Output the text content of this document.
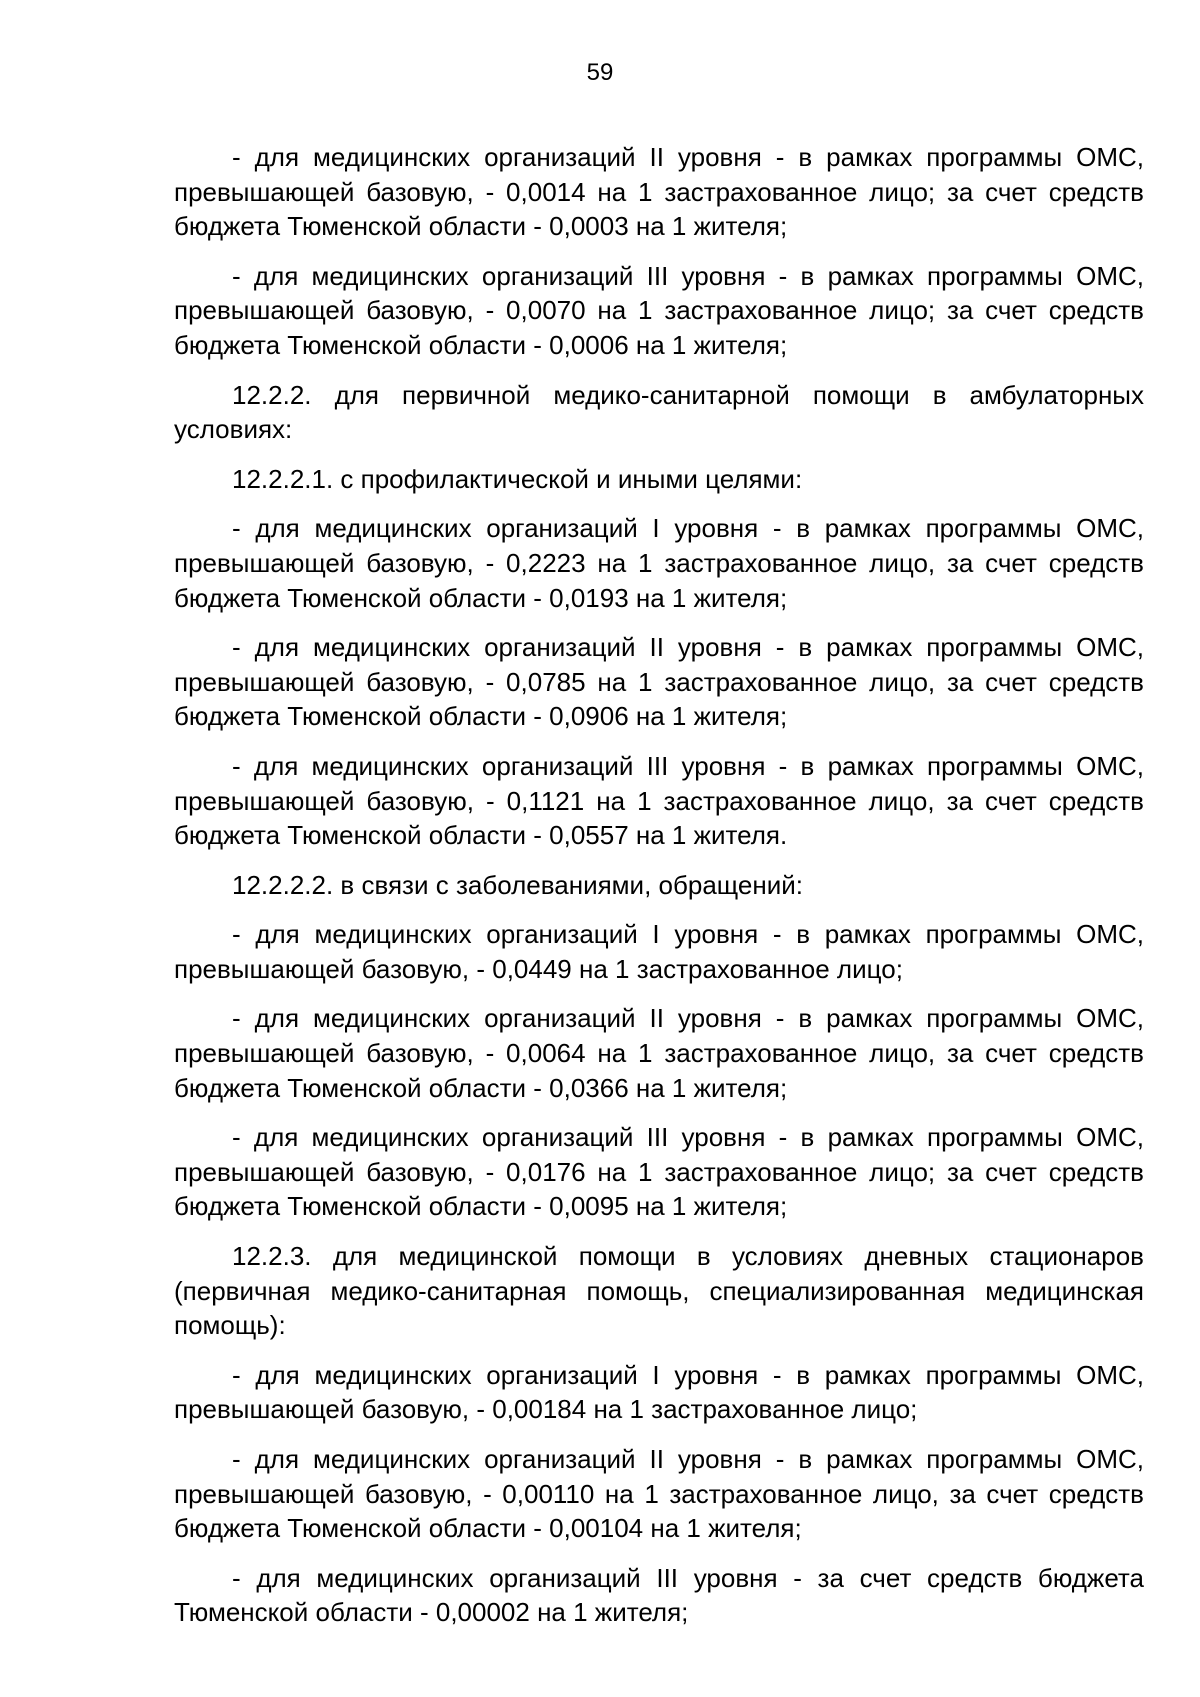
59

- для медицинских организаций II уровня - в рамках программы ОМС, превышающей базовую, - 0,0014 на 1 застрахованное лицо; за счет средств бюджета Тюменской области - 0,0003 на 1 жителя;

- для медицинских организаций III уровня - в рамках программы ОМС, превышающей базовую, - 0,0070 на 1 застрахованное лицо; за счет средств бюджета Тюменской области - 0,0006 на 1 жителя;

12.2.2. для первичной медико-санитарной помощи в амбулаторных условиях:

12.2.2.1. с профилактической и иными целями:

- для медицинских организаций I уровня - в рамках программы ОМС, превышающей базовую, - 0,2223 на 1 застрахованное лицо, за счет средств бюджета Тюменской области - 0,0193 на 1 жителя;

- для медицинских организаций II уровня - в рамках программы ОМС, превышающей базовую, - 0,0785 на 1 застрахованное лицо, за счет средств бюджета Тюменской области - 0,0906 на 1 жителя;

- для медицинских организаций III уровня - в рамках программы ОМС, превышающей базовую, - 0,1121 на 1 застрахованное лицо, за счет средств бюджета Тюменской области - 0,0557 на 1 жителя.

12.2.2.2. в связи с заболеваниями, обращений:

- для медицинских организаций I уровня - в рамках программы ОМС, превышающей базовую, - 0,0449 на 1 застрахованное лицо;

- для медицинских организаций II уровня - в рамках программы ОМС, превышающей базовую, - 0,0064 на 1 застрахованное лицо, за счет средств бюджета Тюменской области - 0,0366 на 1 жителя;

- для медицинских организаций III уровня - в рамках программы ОМС, превышающей базовую, - 0,0176 на 1 застрахованное лицо; за счет средств бюджета Тюменской области - 0,0095 на 1 жителя;

12.2.3. для медицинской помощи в условиях дневных стационаров (первичная медико-санитарная помощь, специализированная медицинская помощь):

- для медицинских организаций I уровня - в рамках программы ОМС, превышающей базовую, - 0,00184 на 1 застрахованное лицо;

- для медицинских организаций II уровня - в рамках программы ОМС, превышающей базовую, - 0,00110 на 1 застрахованное лицо, за счет средств бюджета Тюменской области - 0,00104 на 1 жителя;

- для медицинских организаций III уровня - за счет средств бюджета Тюменской области - 0,00002 на 1 жителя;
